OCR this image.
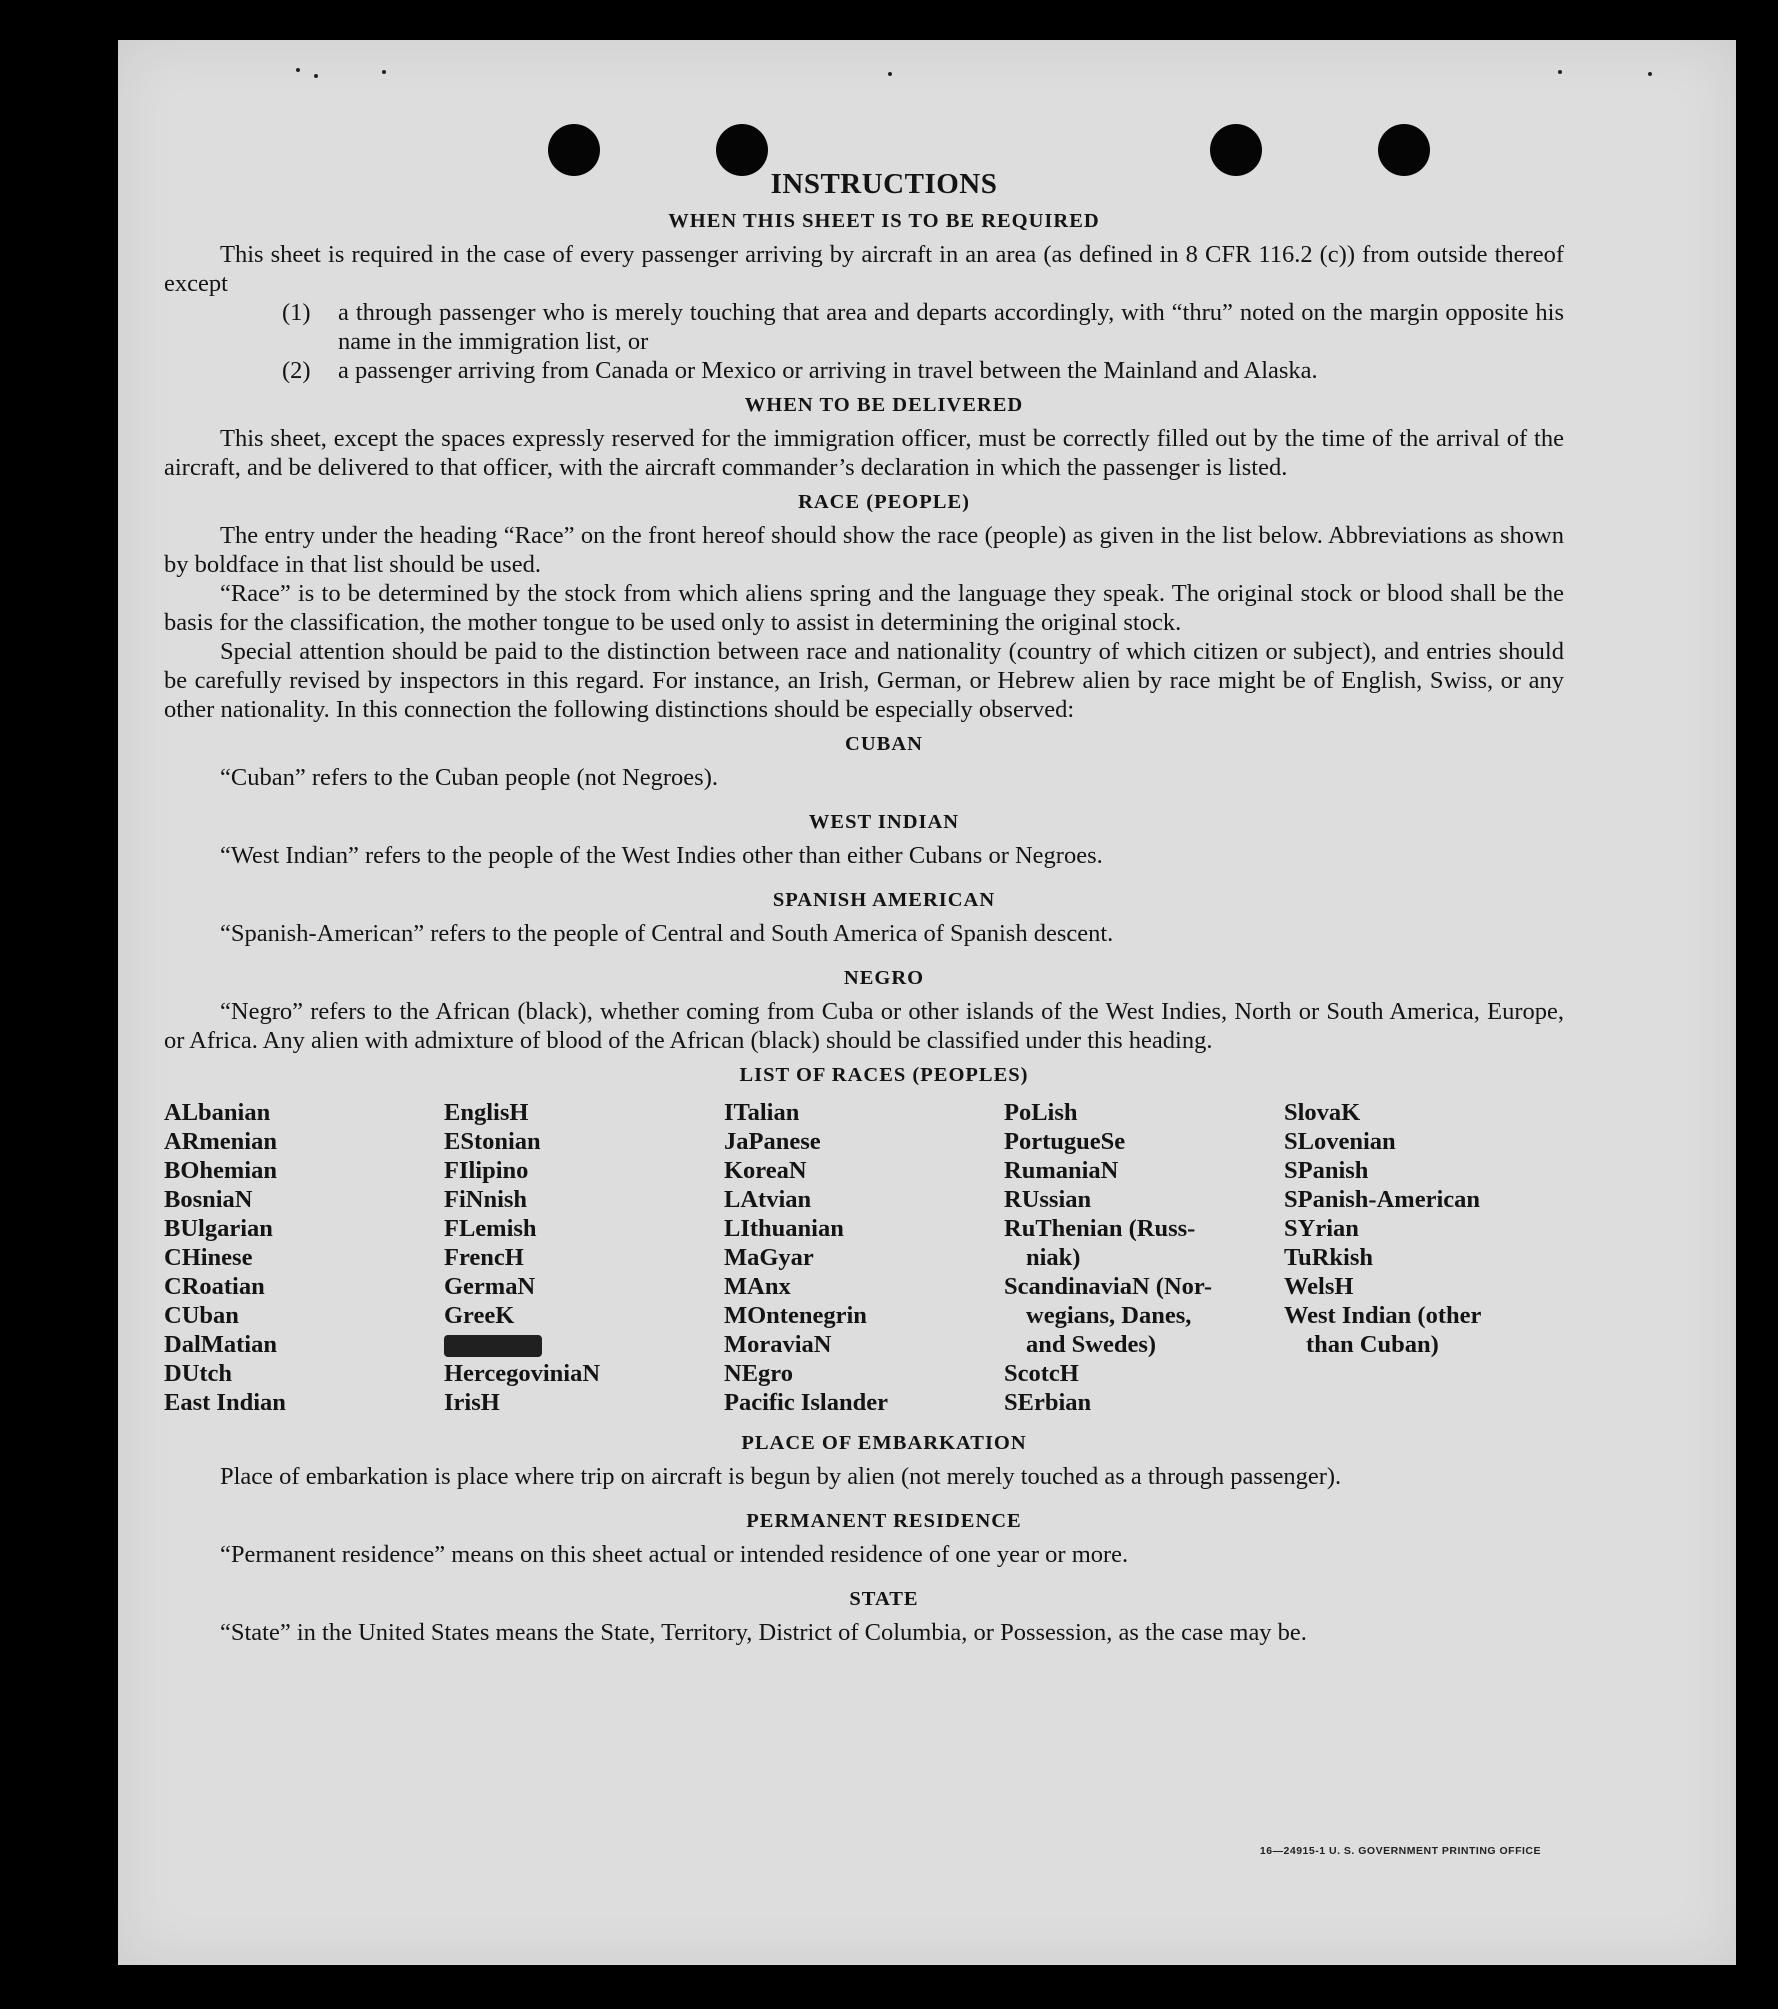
INSTRUCTIONS
WHEN THIS SHEET IS TO BE REQUIRED

This sheet is required in the case of every passenger arriving by aircraft in an area (as defined in 8 CFR 116.2 (c)) from outside thereof except

(1)	a through passenger who is merely touching that area and departs accordingly, with “thru” noted on the margin opposite his name in the immigration list, or
(2)	a passenger arriving from Canada or Mexico or arriving in travel between the Mainland and Alaska.
WHEN TO BE DELIVERED

This sheet, except the spaces expressly reserved for the immigration officer, must be correctly filled out by the time of the arrival of the aircraft, and be delivered to that officer, with the aircraft commander’s declaration in which the passenger is listed.

RACE (PEOPLE)

The entry under the heading “Race” on the front hereof should show the race (people) as given in the list below. Abbreviations as shown by boldface in that list should be used.

“Race” is to be determined by the stock from which aliens spring and the language they speak. The original stock or blood shall be the basis for the classification, the mother tongue to be used only to assist in determining the original stock.

Special attention should be paid to the distinction between race and nationality (country of which citizen or subject), and entries should be carefully revised by inspectors in this regard. For instance, an Irish, German, or Hebrew alien by race might be of English, Swiss, or any other nationality. In this connection the following distinctions should be especially observed:

CUBAN

“Cuban” refers to the Cuban people (not Negroes).

WEST INDIAN

“West Indian” refers to the people of the West Indies other than either Cubans or Negroes.

SPANISH AMERICAN

“Spanish-American” refers to the people of Central and South America of Spanish descent.

NEGRO

“Negro” refers to the African (black), whether coming from Cuba or other islands of the West Indies, North or South America, Europe, or Africa. Any alien with admixture of blood of the African (black) should be classified under this heading.

LIST OF RACES (PEOPLES)
ALbanian
ARmenian
BOhemian
BosniaN
BUlgarian
CHinese
CRoatian
CUban
DalMatian
DUtch
East Indian
EnglisH
EStonian
FIlipino
FiNnish
FLemish
FrencH
GermaN
GreeK
HercegoviniaN
IrisH
ITalian
JaPanese
KoreaN
LAtvian
LIthuanian
MaGyar
MAnx
MOntenegrin
MoraviaN
NEgro
Pacific Islander
PoLish
PortugueSe
RumaniaN
RUssian
RuThenian (Russ-
niak)
ScandinaviaN (Nor-
wegians, Danes,
and Swedes)
ScotcH
SErbian
SlovaK
SLovenian
SPanish
SPanish-American
SYrian
TuRkish
WelsH
West Indian (other
than Cuban)
PLACE OF EMBARKATION

Place of embarkation is place where trip on aircraft is begun by alien (not merely touched as a through passenger).

PERMANENT RESIDENCE

“Permanent residence” means on this sheet actual or intended residence of one year or more.

STATE

“State” in the United States means the State, Territory, District of Columbia, or Possession, as the case may be.

16—24915-1 U. S. GOVERNMENT PRINTING OFFICE
